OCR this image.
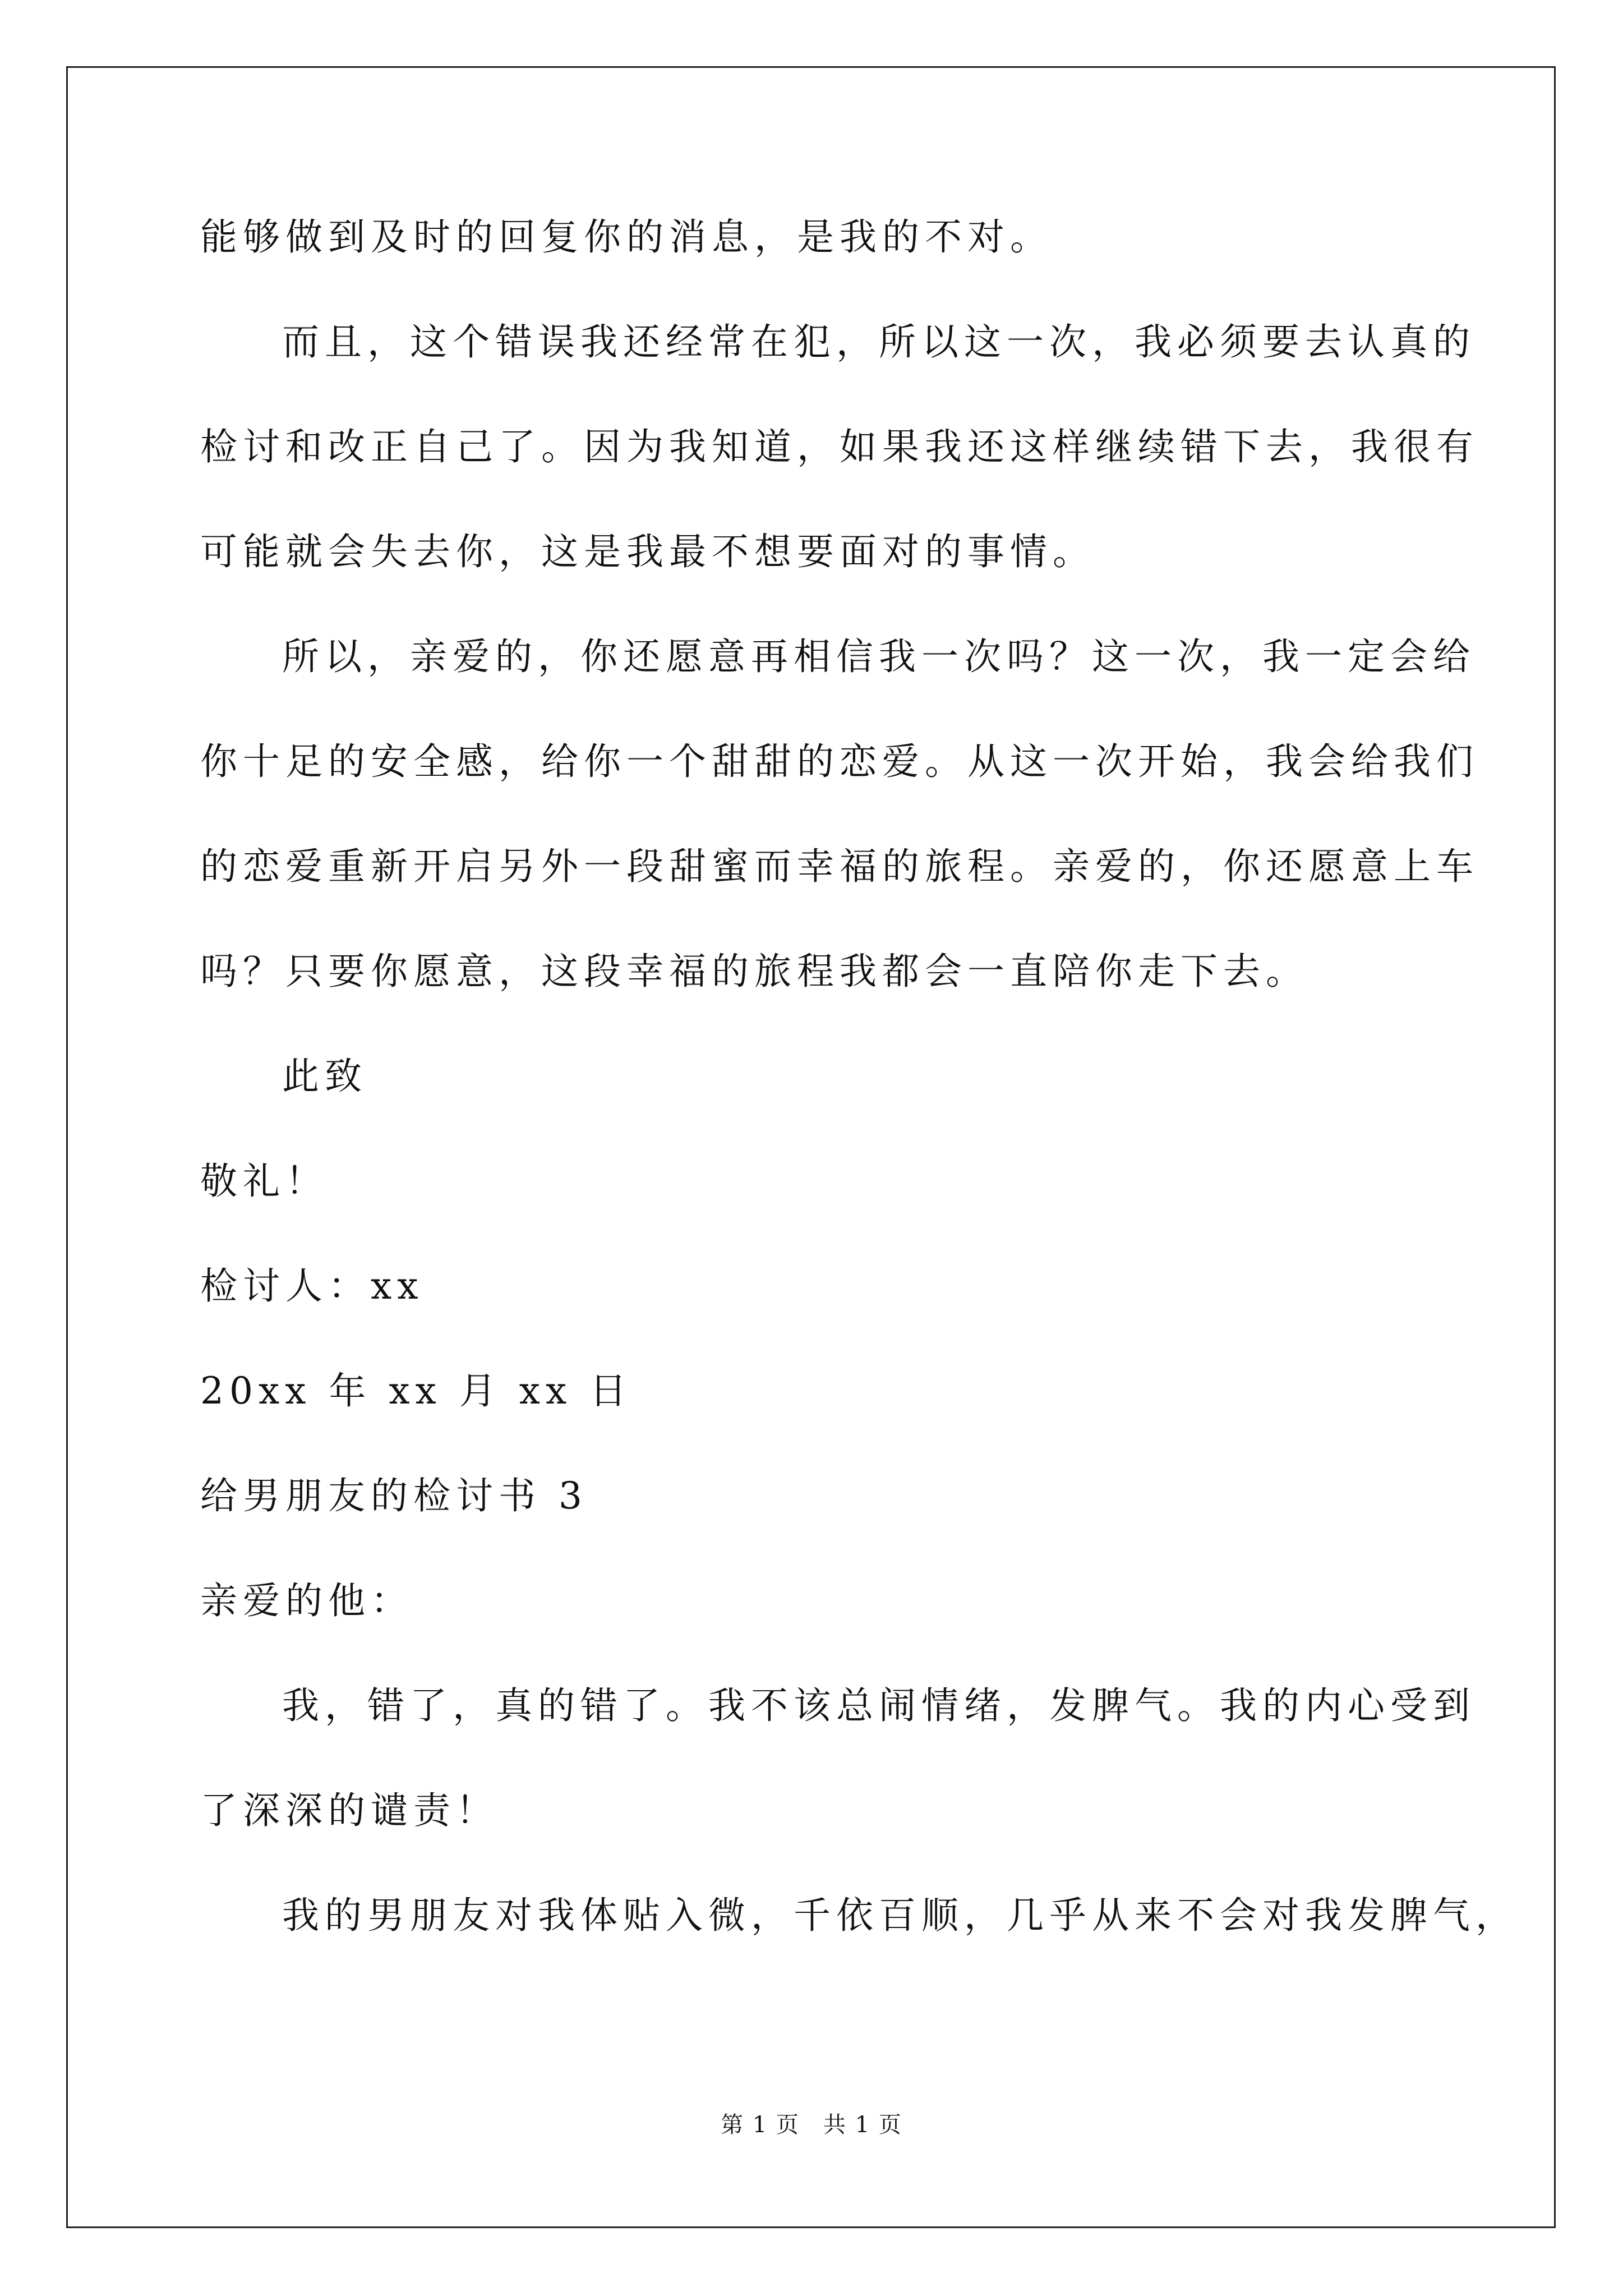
能够做到及时的回复你的消息，是我的不对。
而且，这个错误我还经常在犯，所以这一次，我必须要去认真的
检讨和改正自己了。因为我知道，如果我还这样继续错下去，我很有
可能就会失去你，这是我最不想要面对的事情。
所以，亲爱的，你还愿意再相信我一次吗？这一次，我一定会给
你十足的安全感，给你一个甜甜的恋爱。从这一次开始，我会给我们
的恋爱重新开启另外一段甜蜜而幸福的旅程。亲爱的，你还愿意上车
吗？只要你愿意，这段幸福的旅程我都会一直陪你走下去。
此致
敬礼！
检讨人：xx
20xx 年 xx 月 xx 日
给男朋友的检讨书 3
亲爱的他：
我，错了，真的错了。我不该总闹情绪，发脾气。我的内心受到
了深深的谴责！
我的男朋友对我体贴入微，千依百顺，几乎从来不会对我发脾气，
第 1 页　共 1 页
